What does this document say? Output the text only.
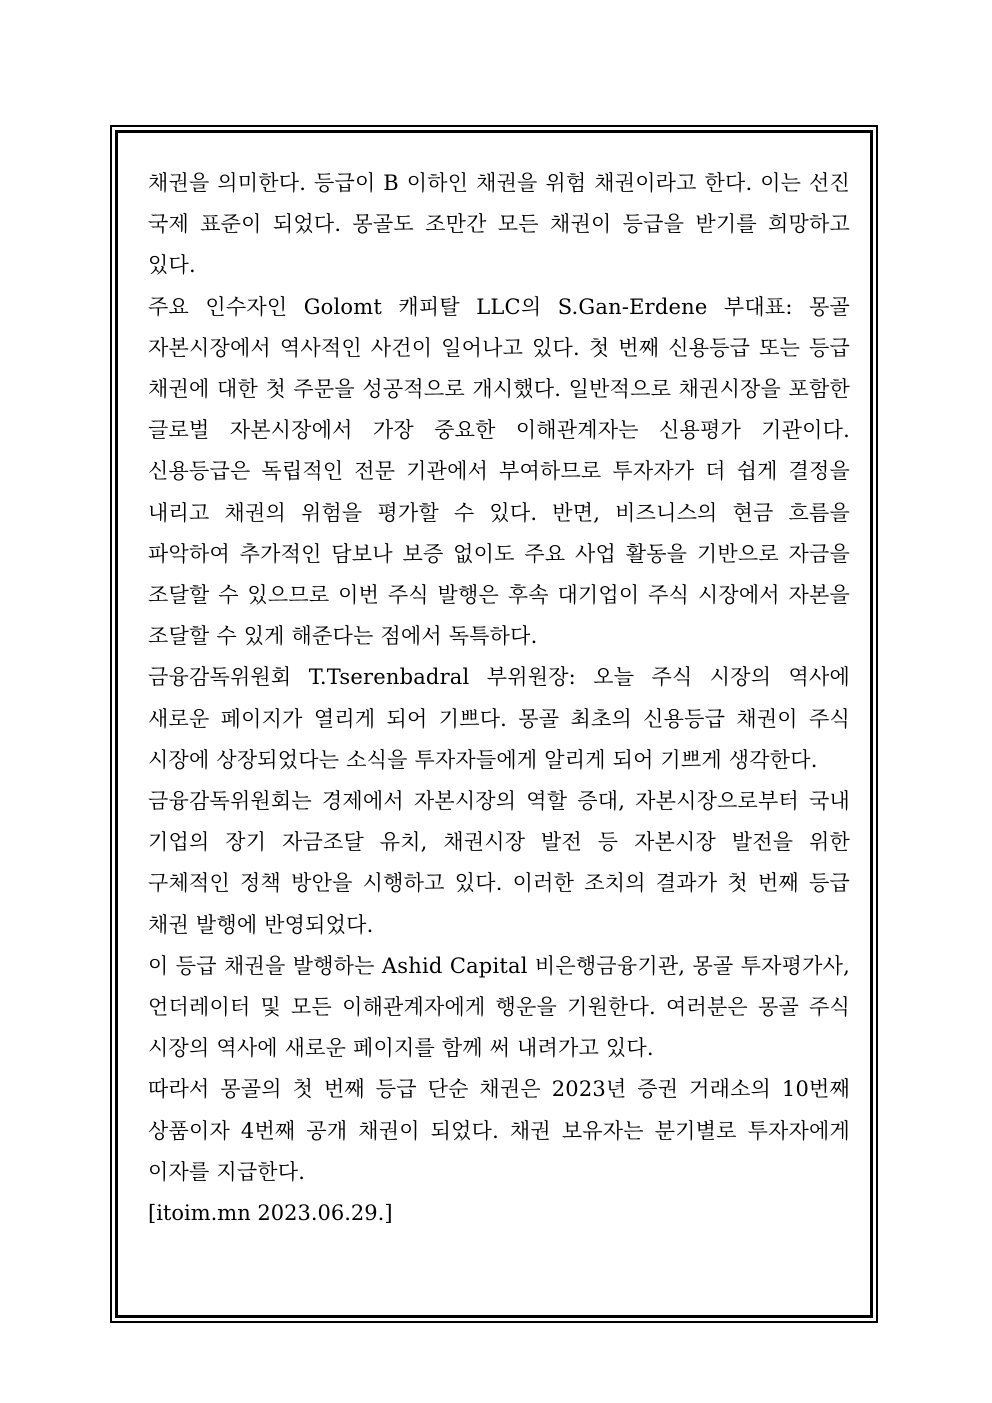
채권을 의미한다. 등급이 B 이하인 채권을 위험 채권이라고 한다. 이는 선진 국제 표준이 되었다. 몽골도 조만간 모든 채권이 등급을 받기를 희망하고 있다.

주요 인수자인 Golomt 캐피탈 LLC의 S.Gan-Erdene 부대표: 몽골 자본시장에서 역사적인 사건이 일어나고 있다. 첫 번째 신용등급 또는 등급 채권에 대한 첫 주문을 성공적으로 개시했다. 일반적으로 채권시장을 포함한 글로벌 자본시장에서 가장 중요한 이해관계자는 신용평가 기관이다. 신용등급은 독립적인 전문 기관에서 부여하므로 투자자가 더 쉽게 결정을 내리고 채권의 위험을 평가할 수 있다. 반면, 비즈니스의 현금 흐름을 파악하여 추가적인 담보나 보증 없이도 주요 사업 활동을 기반으로 자금을 조달할 수 있으므로 이번 주식 발행은 후속 대기업이 주식 시장에서 자본을 조달할 수 있게 해준다는 점에서 독특하다.

금융감독위원회 T.Tserenbadral 부위원장: 오늘 주식 시장의 역사에 새로운 페이지가 열리게 되어 기쁘다. 몽골 최초의 신용등급 채권이 주식 시장에 상장되었다는 소식을 투자자들에게 알리게 되어 기쁘게 생각한다.

금융감독위원회는 경제에서 자본시장의 역할 증대, 자본시장으로부터 국내 기업의 장기 자금조달 유치, 채권시장 발전 등 자본시장 발전을 위한 구체적인 정책 방안을 시행하고 있다. 이러한 조치의 결과가 첫 번째 등급 채권 발행에 반영되었다.

이 등급 채권을 발행하는 Ashid Capital 비은행금융기관, 몽골 투자평가사, 언더레이터 및 모든 이해관계자에게 행운을 기원한다. 여러분은 몽골 주식 시장의 역사에 새로운 페이지를 함께 써 내려가고 있다.

따라서 몽골의 첫 번째 등급 단순 채권은 2023년 증권 거래소의 10번째 상품이자 4번째 공개 채권이 되었다. 채권 보유자는 분기별로 투자자에게 이자를 지급한다.

[itoim.mn 2023.06.29.]
